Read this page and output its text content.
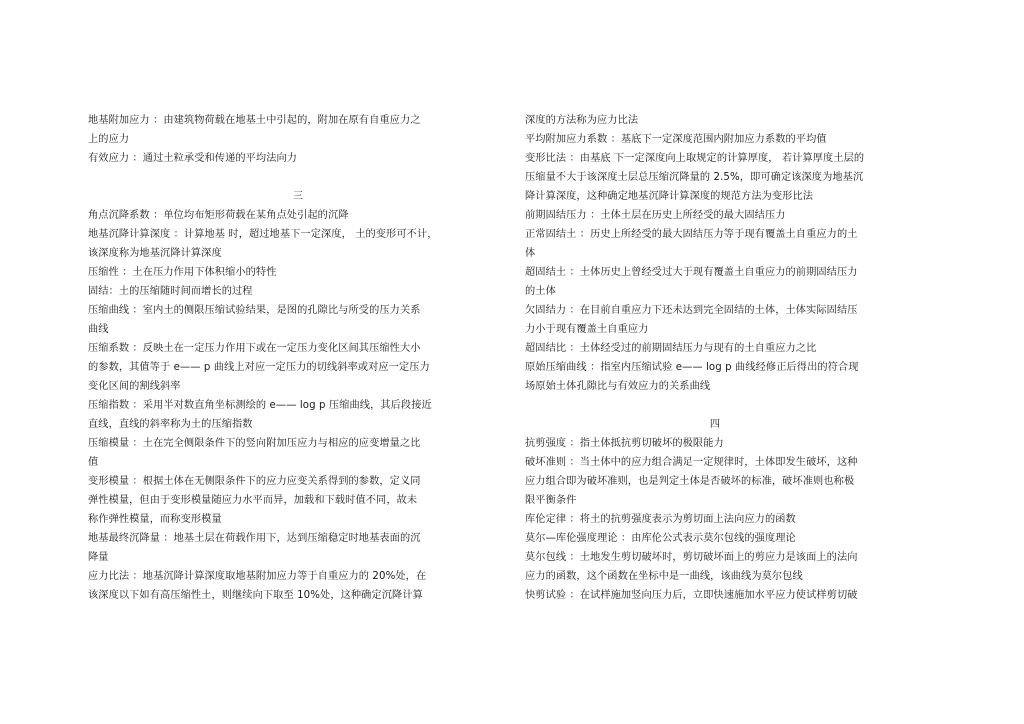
地基附加应力 ：由建筑物荷载在地基土中引起的，附加在原有自重应力之
上的应力
有效应力 ：通过土粒承受和传递的平均法向力
三
角点沉降系数 ：单位均布矩形荷载在某角点处引起的沉降
地基沉降计算深度 ：计算地基 时，超过地基下一定深度， 土的变形可不计，
该深度称为地基沉降计算深度
压缩性 ：土在压力作用下体积缩小的特性
固结：土的压缩随时间而增长的过程
压缩曲线 ：室内土的侧限压缩试验结果，是图的孔隙比与所受的压力关系
曲线
压缩系数 ：反映土在一定压力作用下或在一定压力变化区间其压缩性大小
的参数，其值等于 e—— p 曲线上对应一定压力的切线斜率或对应一定压力
变化区间的割线斜率
压缩指数 ：采用半对数直角坐标测绘的 e—— log p 压缩曲线，其后段接近
直线，直线的斜率称为土的压缩指数
压缩模量 ：土在完全侧限条件下的竖向附加压应力与相应的应变增量之比
值
变形模量 ：根据土体在无侧限条件下的应力应变关系得到的参数，定义同
弹性模量，但由于变形模量随应力水平而异，加载和下载时值不同，故未
称作弹性模量，而称变形模量
地基最终沉降量 ：地基土层在荷载作用下，达到压缩稳定时地基表面的沉
降量
应力比法 ：地基沉降计算深度取地基附加应力等于自重应力的 20%处，在
该深度以下如有高压缩性土，则继续向下取至 10%处，这种确定沉降计算
深度的方法称为应力比法
平均附加应力系数 ：基底下一定深度范围内附加应力系数的平均值
变形比法 ：由基底 下一定深度向上取规定的计算厚度， 若计算厚度土层的
压缩量不大于该深度土层总压缩沉降量的 2.5%，即可确定该深度为地基沉
降计算深度，这种确定地基沉降计算深度的规范方法为变形比法
前期固结压力 ：土体土层在历史上所经受的最大固结压力
正常固结土 ：历史上所经受的最大固结压力等于现有覆盖土自重应力的土
体
超固结土 ：土体历史上曾经受过大于现有覆盖土自重应力的前期固结压力
的土体
欠固结力 ：在目前自重应力下还未达到完全固结的土体，土体实际固结压
力小于现有覆盖土自重应力
超固结比 ：土体经受过的前期固结压力与现有的土自重应力之比
原始压缩曲线 ：指室内压缩试验 e—— log p 曲线经修正后得出的符合现
场原始土体孔隙比与有效应力的关系曲线
四
抗剪强度 ：指土体抵抗剪切破坏的极限能力
破坏准则 ：当土体中的应力组合满足一定规律时，土体即发生破坏，这种
应力组合即为破坏准则，也是判定土体是否破坏的标准，破坏准则也称极
限平衡条件
库伦定律 ：将土的抗剪强度表示为剪切面上法向应力的函数
莫尔—库伦强度理论 ：由库伦公式表示莫尔包线的强度理论
莫尔包线 ：土地发生剪切破坏时，剪切破坏面上的剪应力是该面上的法向
应力的函数，这个函数在坐标中是一曲线，该曲线为莫尔包线
快剪试验 ：在试样施加竖向压力后，立即快速施加水平应力使试样剪切破
